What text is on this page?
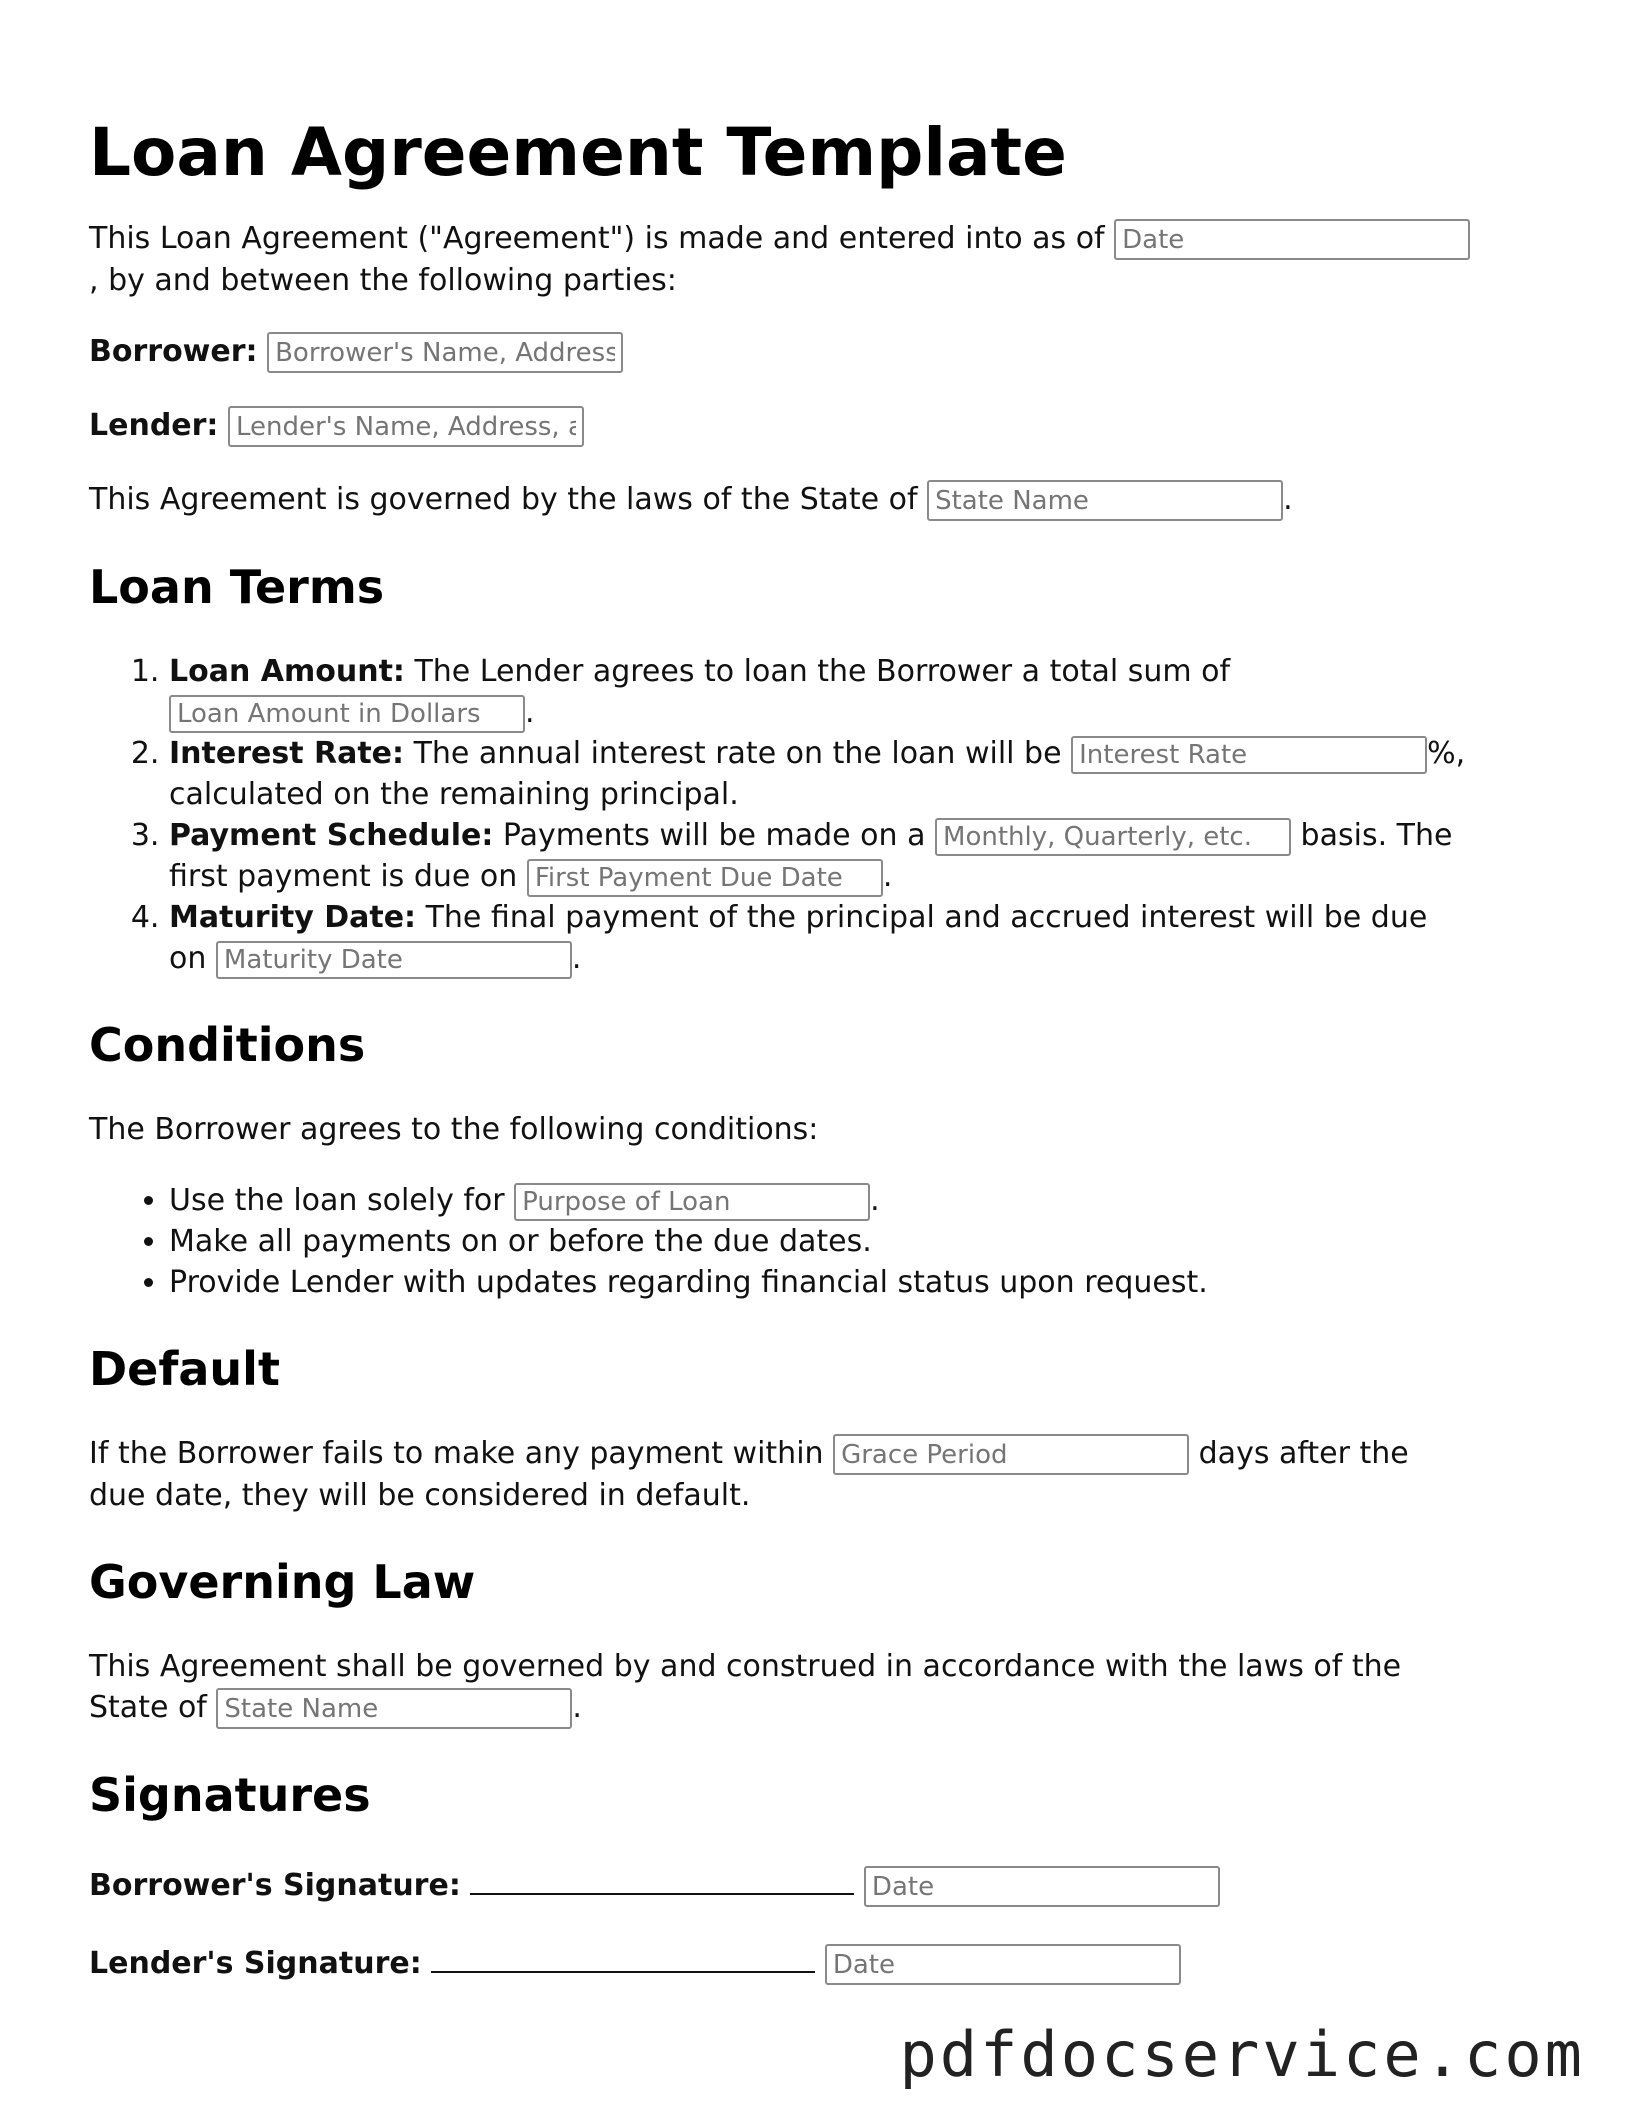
Loan Agreement Template

This Loan Agreement ("Agreement") is made and entered into as of Date
, by and between the following parties:

Borrower: Borrower's Name, Address, and Contact Information

Lender: Lender's Name, Address, and Contact Information

This Agreement is governed by the laws of the State of State Name	.

Loan Terms
1. Loan Amount: The Lender agrees to loan the Borrower a total sum of
Loan Amount in Dollars.
2. Interest Rate: The annual interest rate on the loan will be Interest Rate	%,
calculated on the remaining principal.
3. Payment Schedule: Payments will be made on a Monthly, Quarterly, etc.	basis. The
first payment is due on First Payment Due Date	.
4. Maturity Date: The final payment of the principal and accrued interest will be due
on Maturity Date	.
Conditions

The Borrower agrees to the following conditions:

• Use the loan solely for Purpose of Loan	.
• Make all payments on or before the due dates.
• Provide Lender with updates regarding financial status upon request.
Default

If the Borrower fails to make any payment within Grace Period	days after the
due date, they will be considered in default.

Governing Law

This Agreement shall be governed by and construed in accordance with the laws of the
State of State Name	.

Signatures

Borrower's Signature:  Date

Lender's Signature:  Date

pdfdocservice.com
